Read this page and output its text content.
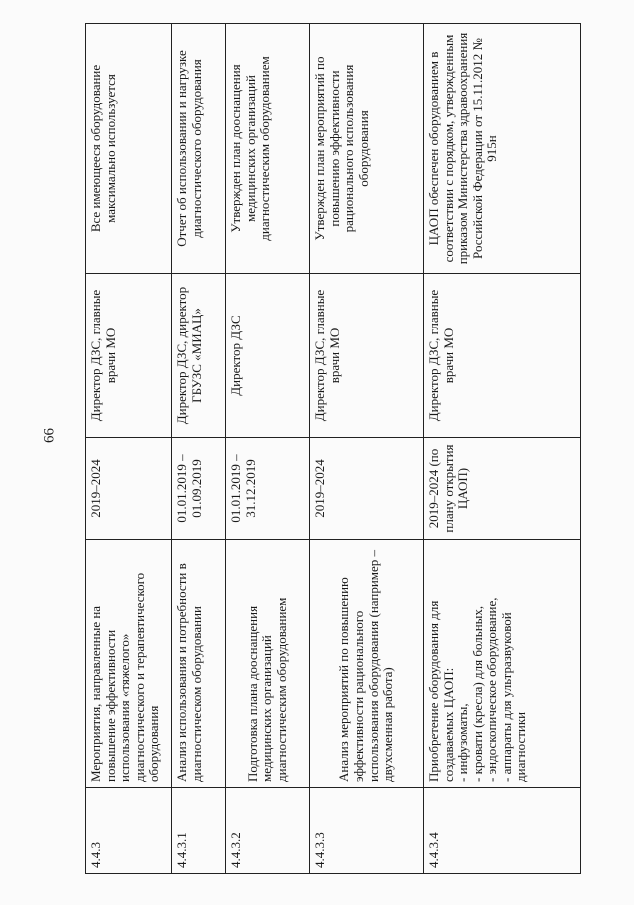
66
4.4.3	Мероприятия, направленные на повышение эффективности использования «тяжелого» диагностического и терапевтического оборудования	2019–2024	Директор ДЗС, главные врачи МО	Все имеющееся оборудование максимально используется
4.4.3.1	Анализ использования и потребности в диагностическом оборудовании	01.01.2019 – 01.09.2019	Директор ДЗС, директор ГБУЗС «МИАЦ»	Отчет об использовании и нагрузке диагностического оборудования
4.4.3.2	Подготовка плана дооснащения медицинских организаций диагностическим оборудованием	01.01.2019 – 31.12.2019	Директор ДЗС	Утвержден план дооснащения медицинских организаций диагностическим оборудованием
4.4.3.3	Анализ мероприятий по повышению эффективности рационального использования оборудования (например – двухсменная работа)	2019–2024	Директор ДЗС, главные врачи МО	Утвержден план мероприятий по повышению эффективности рационального использования оборудования
4.4.3.4	Приобретение оборудования для создаваемых ЦАОП: - инфузоматы, - кровати (кресла) для больных, - эндоскопическое оборудование, - аппараты для ультразвуковой диагностики	2019–2024 (по плану открытия ЦАОП)	Директор ДЗС, главные врачи МО	ЦАОП обеспечен оборудованием в соответствии с порядком, утвержденным приказом Министерства здравоохранения Российской Федерации от 15.11.2012 № 915н
